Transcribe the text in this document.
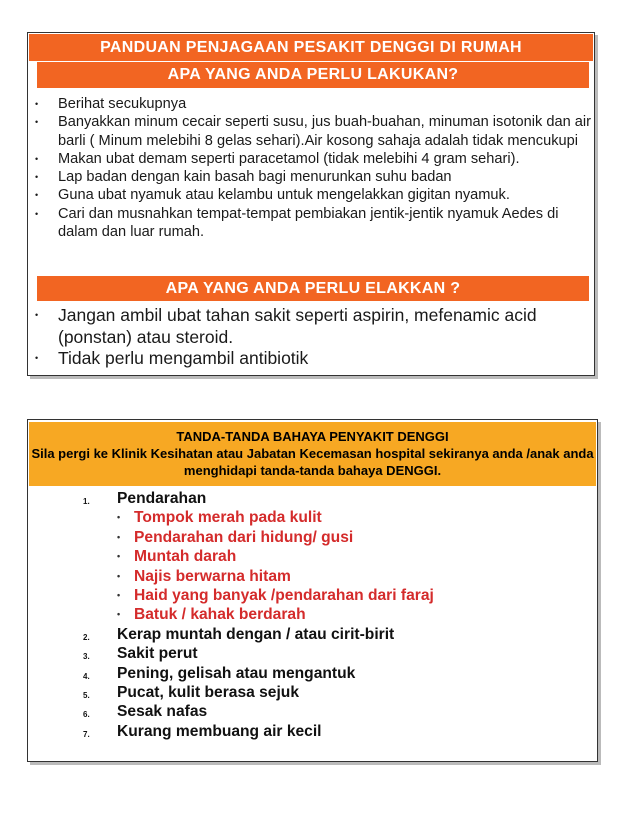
PANDUAN PENJAGAAN PESAKIT DENGGI DI RUMAH
APA YANG ANDA PERLU LAKUKAN?
• Berihat secukupnya
• Banyakkan minum cecair seperti susu, jus buah-buahan, minuman isotonik dan air barli ( Minum melebihi 8 gelas sehari).Air kosong sahaja adalah tidak mencukupi
• Makan ubat demam seperti paracetamol (tidak melebihi 4 gram sehari).
• Lap badan dengan kain basah bagi menurunkan suhu badan
• Guna ubat nyamuk atau kelambu untuk mengelakkan gigitan nyamuk.
• Cari dan musnahkan tempat-tempat pembiakan jentik-jentik nyamuk Aedes di dalam dan luar rumah.
APA YANG ANDA PERLU ELAKKAN ?
• Jangan ambil ubat tahan sakit seperti aspirin, mefenamic acid (ponstan) atau steroid.
• Tidak perlu mengambil antibiotik
TANDA-TANDA BAHAYA PENYAKIT DENGGI
Sila pergi ke Klinik Kesihatan atau Jabatan Kecemasan hospital sekiranya anda /anak anda menghidapi tanda-tanda bahaya DENGGI.
1. Pendarahan
• Tompok merah pada kulit
• Pendarahan dari hidung/ gusi
• Muntah darah
• Najis berwarna hitam
• Haid yang banyak /pendarahan dari faraj
• Batuk / kahak berdarah
2. Kerap muntah dengan / atau cirit-birit
3. Sakit perut
4. Pening, gelisah atau mengantuk
5. Pucat, kulit berasa sejuk
6. Sesak nafas
7. Kurang membuang air kecil
